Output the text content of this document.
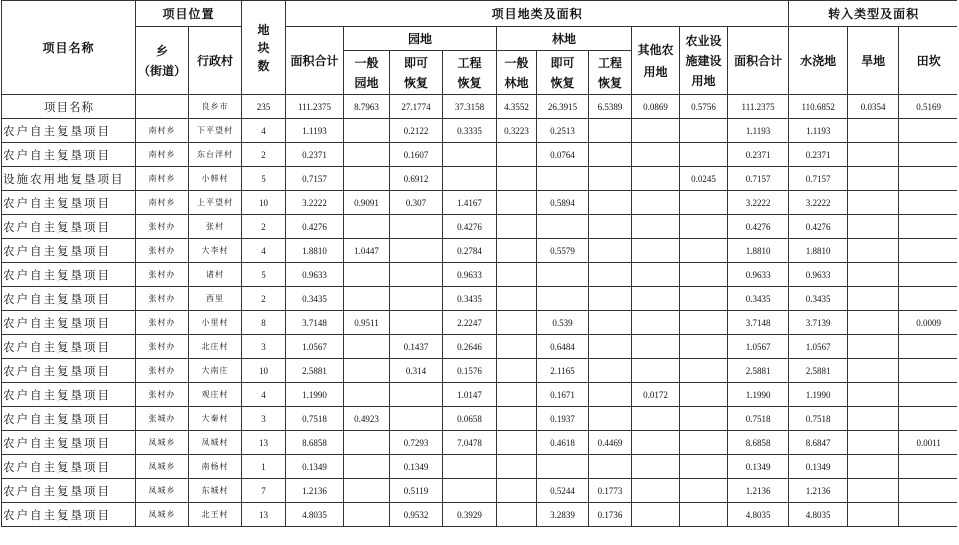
项目名称	项目位置		地块数	项目地类及面积										转入类型及面积		

	乡
（街道）	行政村		面积合计	园地			林地			其他农用地	农业设施建设用地	面积合计	水浇地	旱地	田坎
					一般园地	即可恢复	工程恢复	一般林地	即可恢复	工程恢复						
项目名称		良乡市	235	111.2375	8.7963	27.1774	37.3158	4.3552	26.3915	6.5389	0.0869	0.5756	111.2375	110.6852	0.0354	0.5169
农户自主复垦项目	南村乡	下平望村	4	1.1193		0.2122	0.3335	0.3223	0.2513				1.1193	1.1193		
农户自主复垦项目	南村乡	东台洋村	2	0.2371		0.1607			0.0764				0.2371	0.2371		
设施农用地复垦项目	南村乡	小韩村	5	0.7157		0.6912						0.0245	0.7157	0.7157		
农户自主复垦项目	南村乡	上平望村	10	3.2222	0.9091	0.307	1.4167		0.5894				3.2222	3.2222		
农户自主复垦项目	张村办	张村	2	0.4276			0.4276						0.4276	0.4276		
农户自主复垦项目	张村办	大李村	4	1.8810	1.0447		0.2784		0.5579				1.8810	1.8810		
农户自主复垦项目	张村办	诸村	5	0.9633			0.9633						0.9633	0.9633		
农户自主复垦项目	张村办	西里	2	0.3435			0.3435						0.3435	0.3435		
农户自主复垦项目	张村办	小里村	8	3.7148	0.9511		2.2247		0.539				3.7148	3.7139		0.0009
农户自主复垦项目	张村办	北庄村	3	1.0567		0.1437	0.2646		0.6484				1.0567	1.0567		
农户自主复垦项目	张村办	大南庄	10	2.5881		0.314	0.1576		2.1165				2.5881	2.5881		
农户自主复垦项目	张村办	观庄村	4	1.1990			1.0147		0.1671		0.0172		1.1990	1.1990		
农户自主复垦项目	张城办	大秦村	3	0.7518	0.4923		0.0658		0.1937				0.7518	0.7518		
农户自主复垦项目	凤城乡	凤城村	13	8.6858		0.7293	7.0478		0.4618	0.4469			8.6858	8.6847		0.0011
农户自主复垦项目	凤城乡	南杨村	1	0.1349		0.1349							0.1349	0.1349		
农户自主复垦项目	凤城乡	东城村	7	1.2136		0.5119			0.5244	0.1773			1.2136	1.2136		
农户自主复垦项目	凤城乡	北王村	13	4.8035		0.9532	0.3929		3.2839	0.1736			4.8035	4.8035		
